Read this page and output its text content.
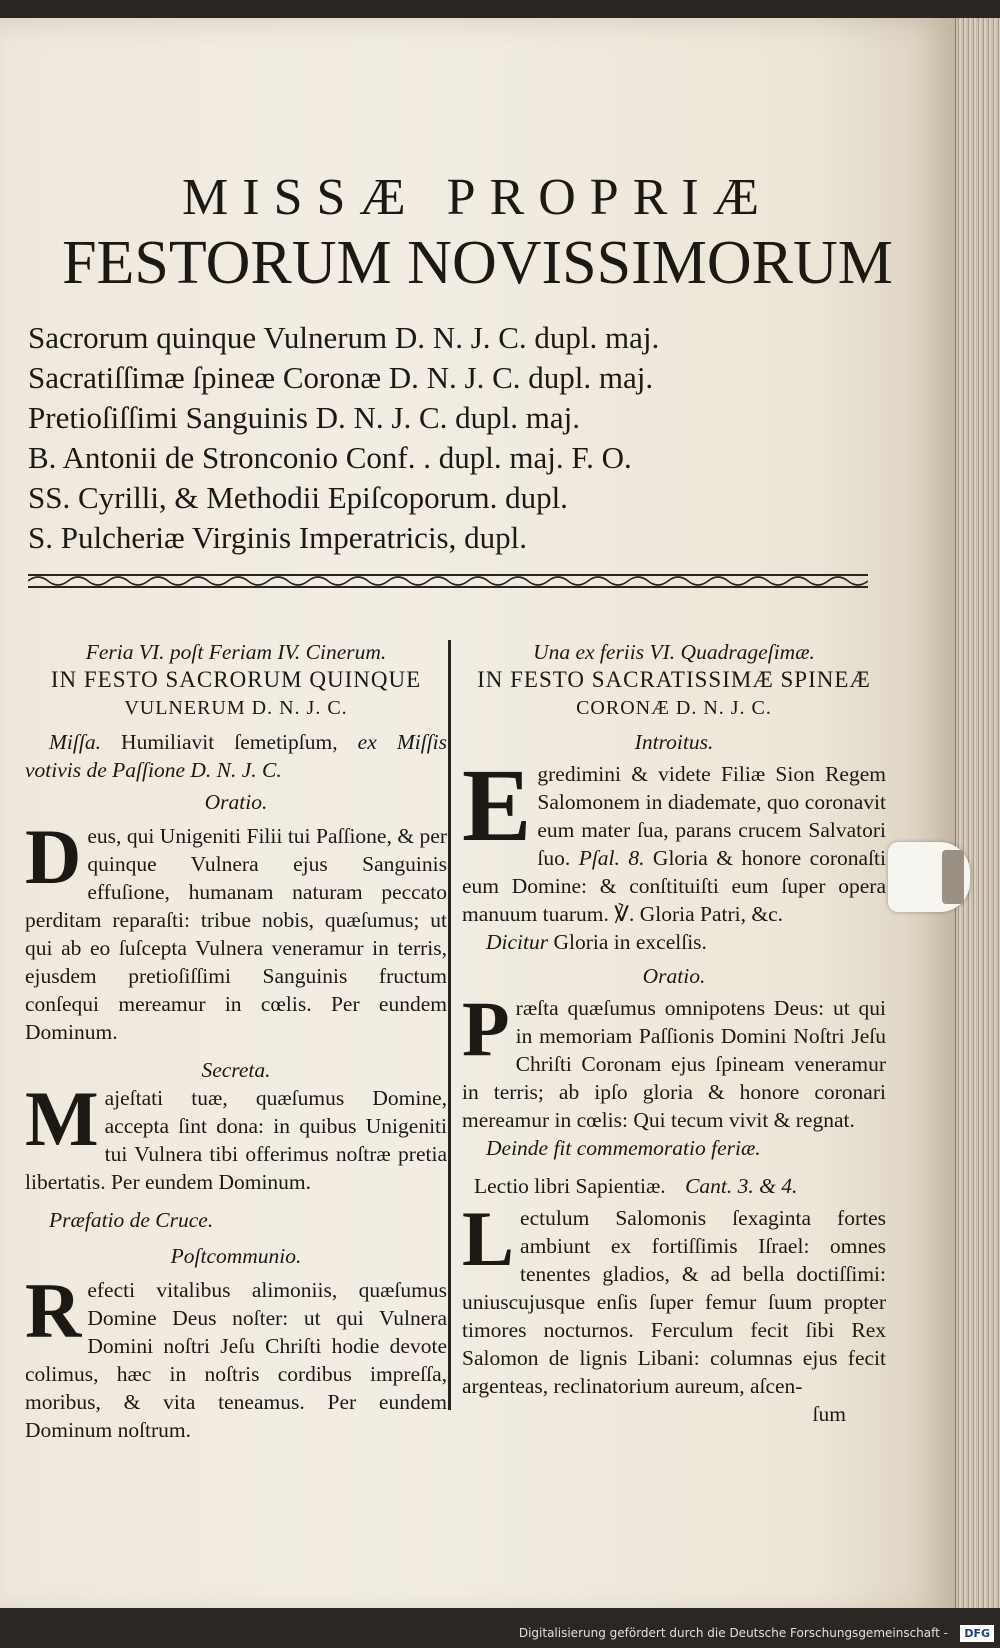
MISSÆ PROPRIÆ
FESTORUM NOVISSIMORUM
Sacrorum quinque Vulnerum D. N. J. C. dupl. maj.
Sacratiſſimæ ſpineæ Coronæ D. N. J. C. dupl. maj.
Pretioſiſſimi Sanguinis D. N. J. C. dupl. maj.
B. Antonii de Stronconio Conf. . dupl. maj. F. O.
SS. Cyrilli, & Methodii Epiſcoporum. dupl.
S. Pulcheriæ Virginis Imperatricis, dupl.
Feria VI. poſt Feriam IV. Cinerum.
IN FESTO SACRORUM QUINQUE
VULNERUM D. N. J. C.
Miſſa. Humiliavit ſemetipſum, ex Miſſis votivis de Paſſione D. N. J. C.
Oratio.
Deus, qui Unigeniti Filii tui Paſſione, & per quinque Vulnera ejus Sanguinis effuſione, humanam naturam peccato perditam reparaſti: tribue nobis, quæſumus; ut qui ab eo ſuſcepta Vulnera veneramur in terris, ejusdem pretioſiſſimi Sanguinis fructum conſequi mereamur in cœlis. Per eundem Dominum.
Secreta.
Majeſtati tuæ, quæſumus Domine, accepta ſint dona: in quibus Unigeniti tui Vulnera tibi offerimus noſtræ pretia libertatis. Per eundem Dominum.
Præfatio de Cruce.
Poſtcommunio.
Refecti vitalibus alimoniis, quæſumus Domine Deus noſter: ut qui Vulnera Domini noſtri Jeſu Chriſti hodie devote colimus, hæc in noſtris cordibus impreſſa, moribus, & vita teneamus. Per eundem Dominum noſtrum.
Una ex feriis VI. Quadrageſimæ.
IN FESTO SACRATISSIMÆ SPINEÆ
CORONÆ D. N. J. C.
Introitus.
Egredimini & videte Filiæ Sion Regem Salomonem in diademate, quo coronavit eum mater ſua, parans crucem Salvatori ſuo. Pſal. 8. Gloria & honore coronaſti eum Domine: & conſtituiſti eum ſuper opera manuum tuarum. ℣. Gloria Patri, &c.
Dicitur Gloria in excelſis.
Oratio.
Præſta quæſumus omnipotens Deus: ut qui in memoriam Paſſionis Domini Noſtri Jeſu Chriſti Coronam ejus ſpineam veneramur in terris; ab ipſo gloria & honore coronari mereamur in cœlis: Qui tecum vivit & regnat.
Deinde fit commemoratio feriæ.
Lectio libri Sapientiæ. Cant. 3. & 4.
Lectulum Salomonis ſexaginta fortes ambiunt ex fortiſſimis Iſrael: omnes tenentes gladios, & ad bella doctiſſimi: uniuscujusque enſis ſuper femur ſuum propter timores nocturnos. Ferculum fecit ſibi Rex Salomon de lignis Libani: columnas ejus fecit argenteas, reclinatorium aureum, aſcen-
ſum
Digitalisierung gefördert durch die Deutsche Forschungsgemeinschaft -	DFG
